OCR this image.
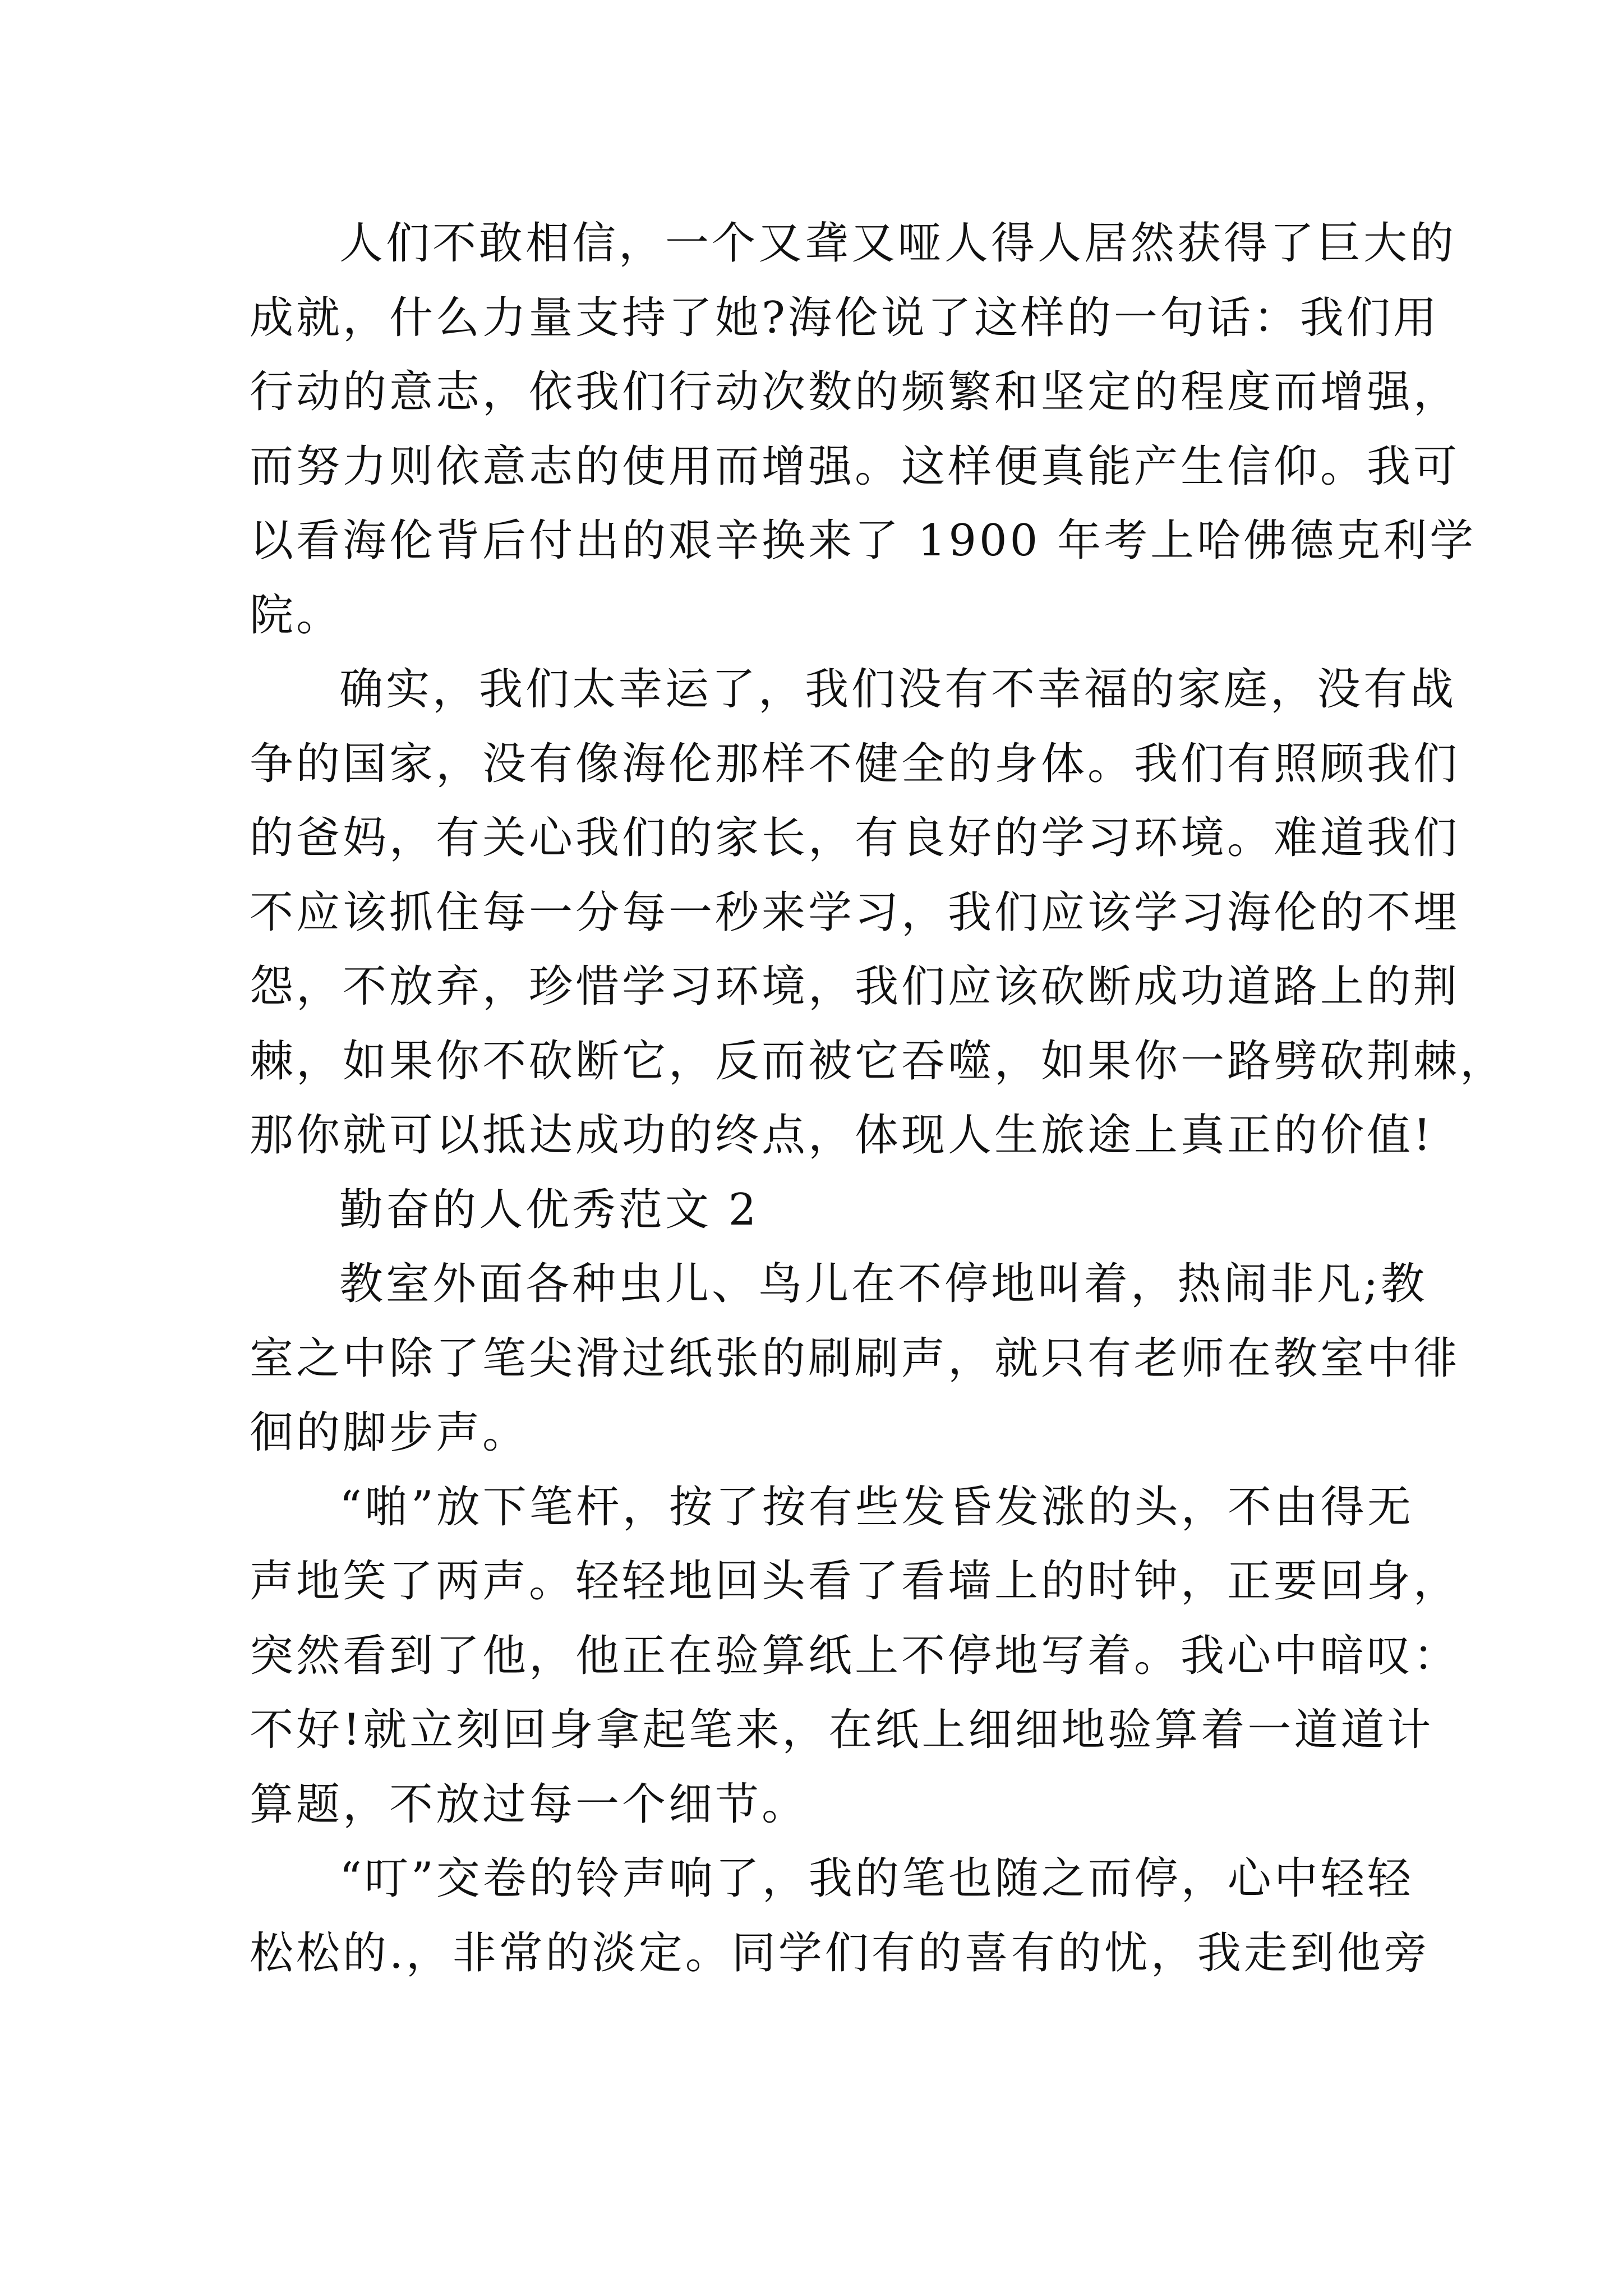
人们不敢相信，一个又聋又哑人得人居然获得了巨大的
成就，什么力量支持了她?海伦说了这样的一句话：我们用
行动的意志，依我们行动次数的频繁和坚定的程度而增强，
而努力则依意志的使用而增强。这样便真能产生信仰。我可
以看海伦背后付出的艰辛换来了 1900 年考上哈佛德克利学
院。
确实，我们太幸运了，我们没有不幸福的家庭，没有战
争的国家，没有像海伦那样不健全的身体。我们有照顾我们
的爸妈，有关心我们的家长，有良好的学习环境。难道我们
不应该抓住每一分每一秒来学习，我们应该学习海伦的不埋
怨，不放弃，珍惜学习环境，我们应该砍断成功道路上的荆
棘，如果你不砍断它，反而被它吞噬，如果你一路劈砍荆棘，
那你就可以抵达成功的终点，体现人生旅途上真正的价值!
勤奋的人优秀范文 2
教室外面各种虫儿、鸟儿在不停地叫着，热闹非凡;教
室之中除了笔尖滑过纸张的刷刷声，就只有老师在教室中徘
徊的脚步声。
“啪”放下笔杆，按了按有些发昏发涨的头，不由得无
声地笑了两声。轻轻地回头看了看墙上的时钟，正要回身，
突然看到了他，他正在验算纸上不停地写着。我心中暗叹：
不好!就立刻回身拿起笔来，在纸上细细地验算着一道道计
算题，不放过每一个细节。
“叮”交卷的铃声响了，我的笔也随之而停，心中轻轻
松松的.，非常的淡定。同学们有的喜有的忧，我走到他旁
